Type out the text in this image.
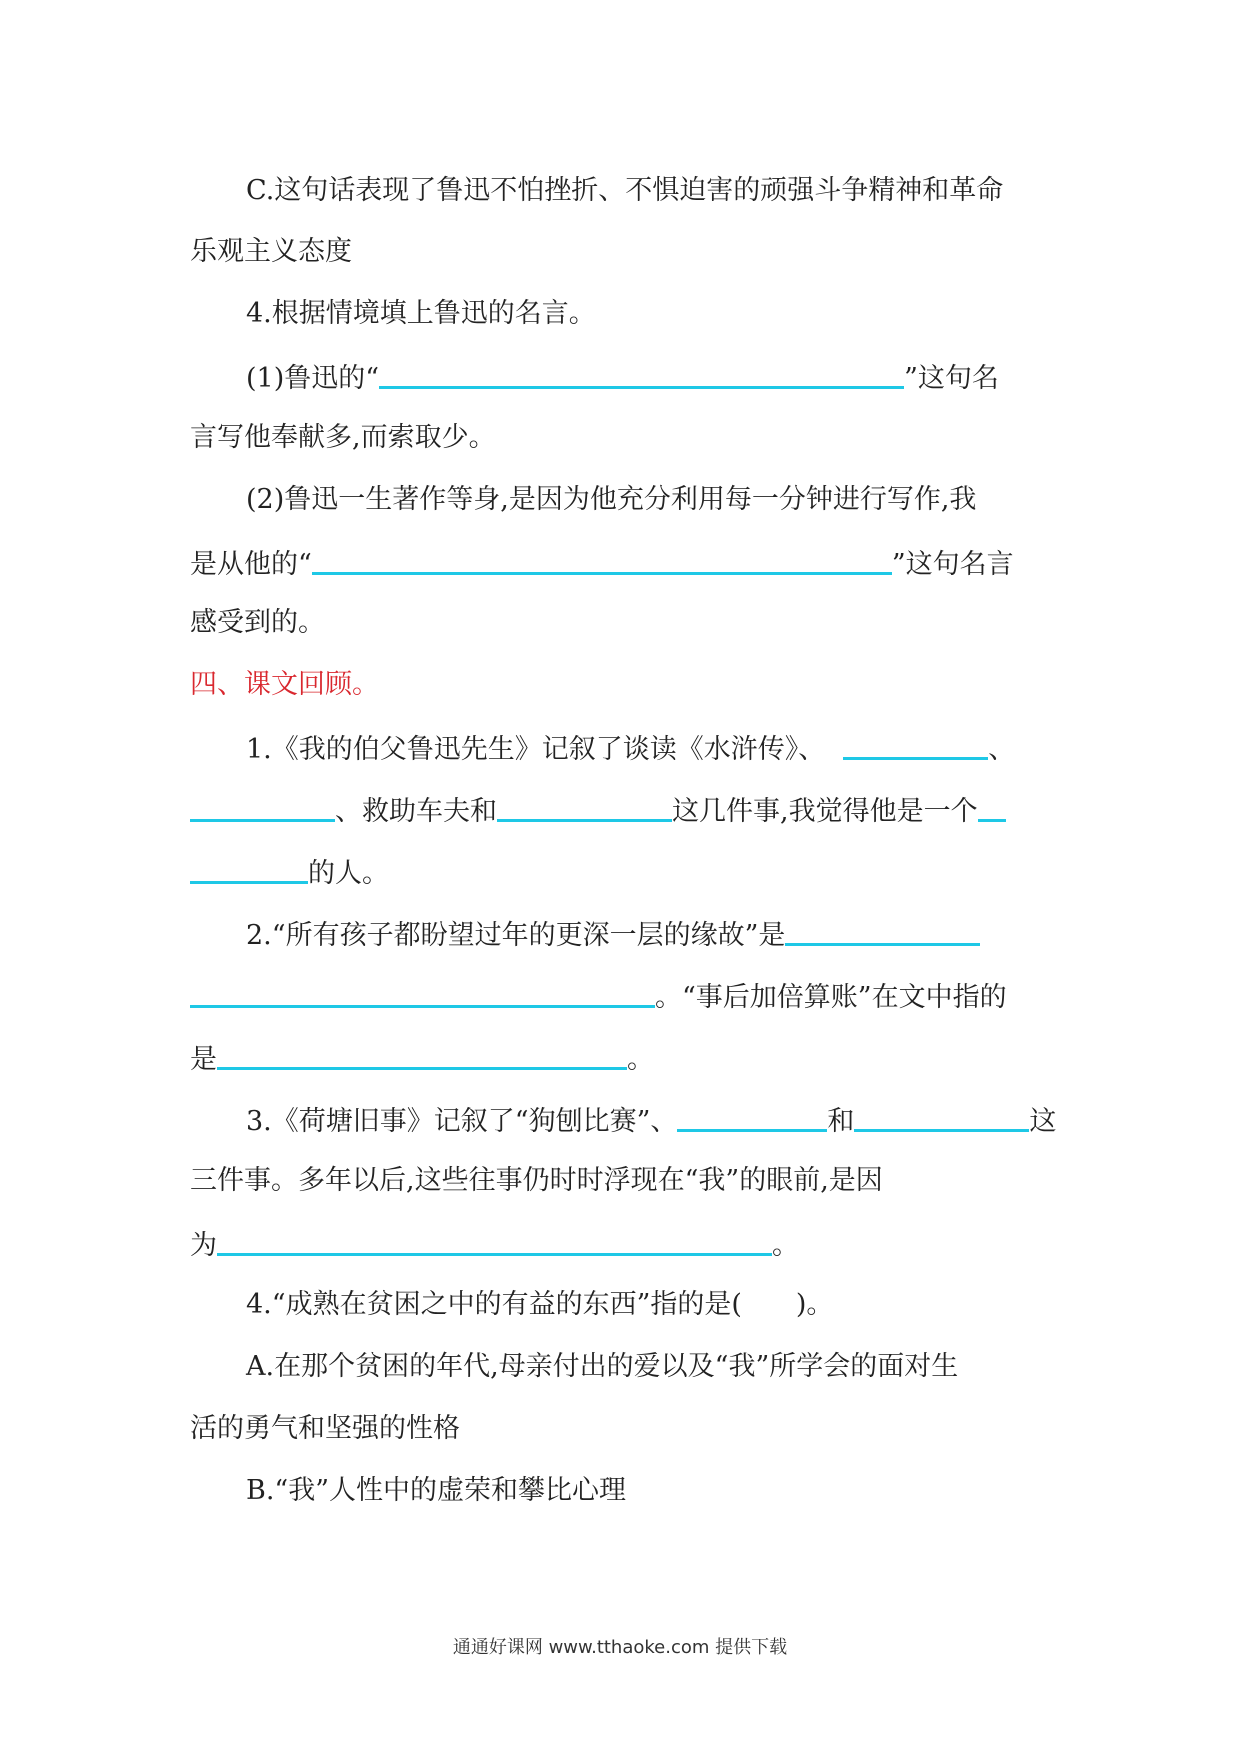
C.这句话表现了鲁迅不怕挫折、不惧迫害的顽强斗争精神和革命
乐观主义态度
4.根据情境填上鲁迅的名言。
(1)鲁迅的“	”这句名
言写他奉献多,而索取少。
(2)鲁迅一生著作等身,是因为他充分利用每一分钟进行写作,我
是从他的“	”这句名言
感受到的。
四、课文回顾。
1.《我的伯父鲁迅先生》记叙了谈读《水浒传》、	、
、救助车夫和	这几件事,我觉得他是一个
的人。
2.“所有孩子都盼望过年的更深一层的缘故”是
。“事后加倍算账”在文中指的
是	。
3.《荷塘旧事》记叙了“狗刨比赛”、	和	这
三件事。多年以后,这些往事仍时时浮现在“我”的眼前,是因
为	。
4.“成熟在贫困之中的有益的东西”指的是(　　)。
A.在那个贫困的年代,母亲付出的爱以及“我”所学会的面对生
活的勇气和坚强的性格
B.“我”人性中的虚荣和攀比心理
通通好课网 www.tthaoke.com 提供下载
